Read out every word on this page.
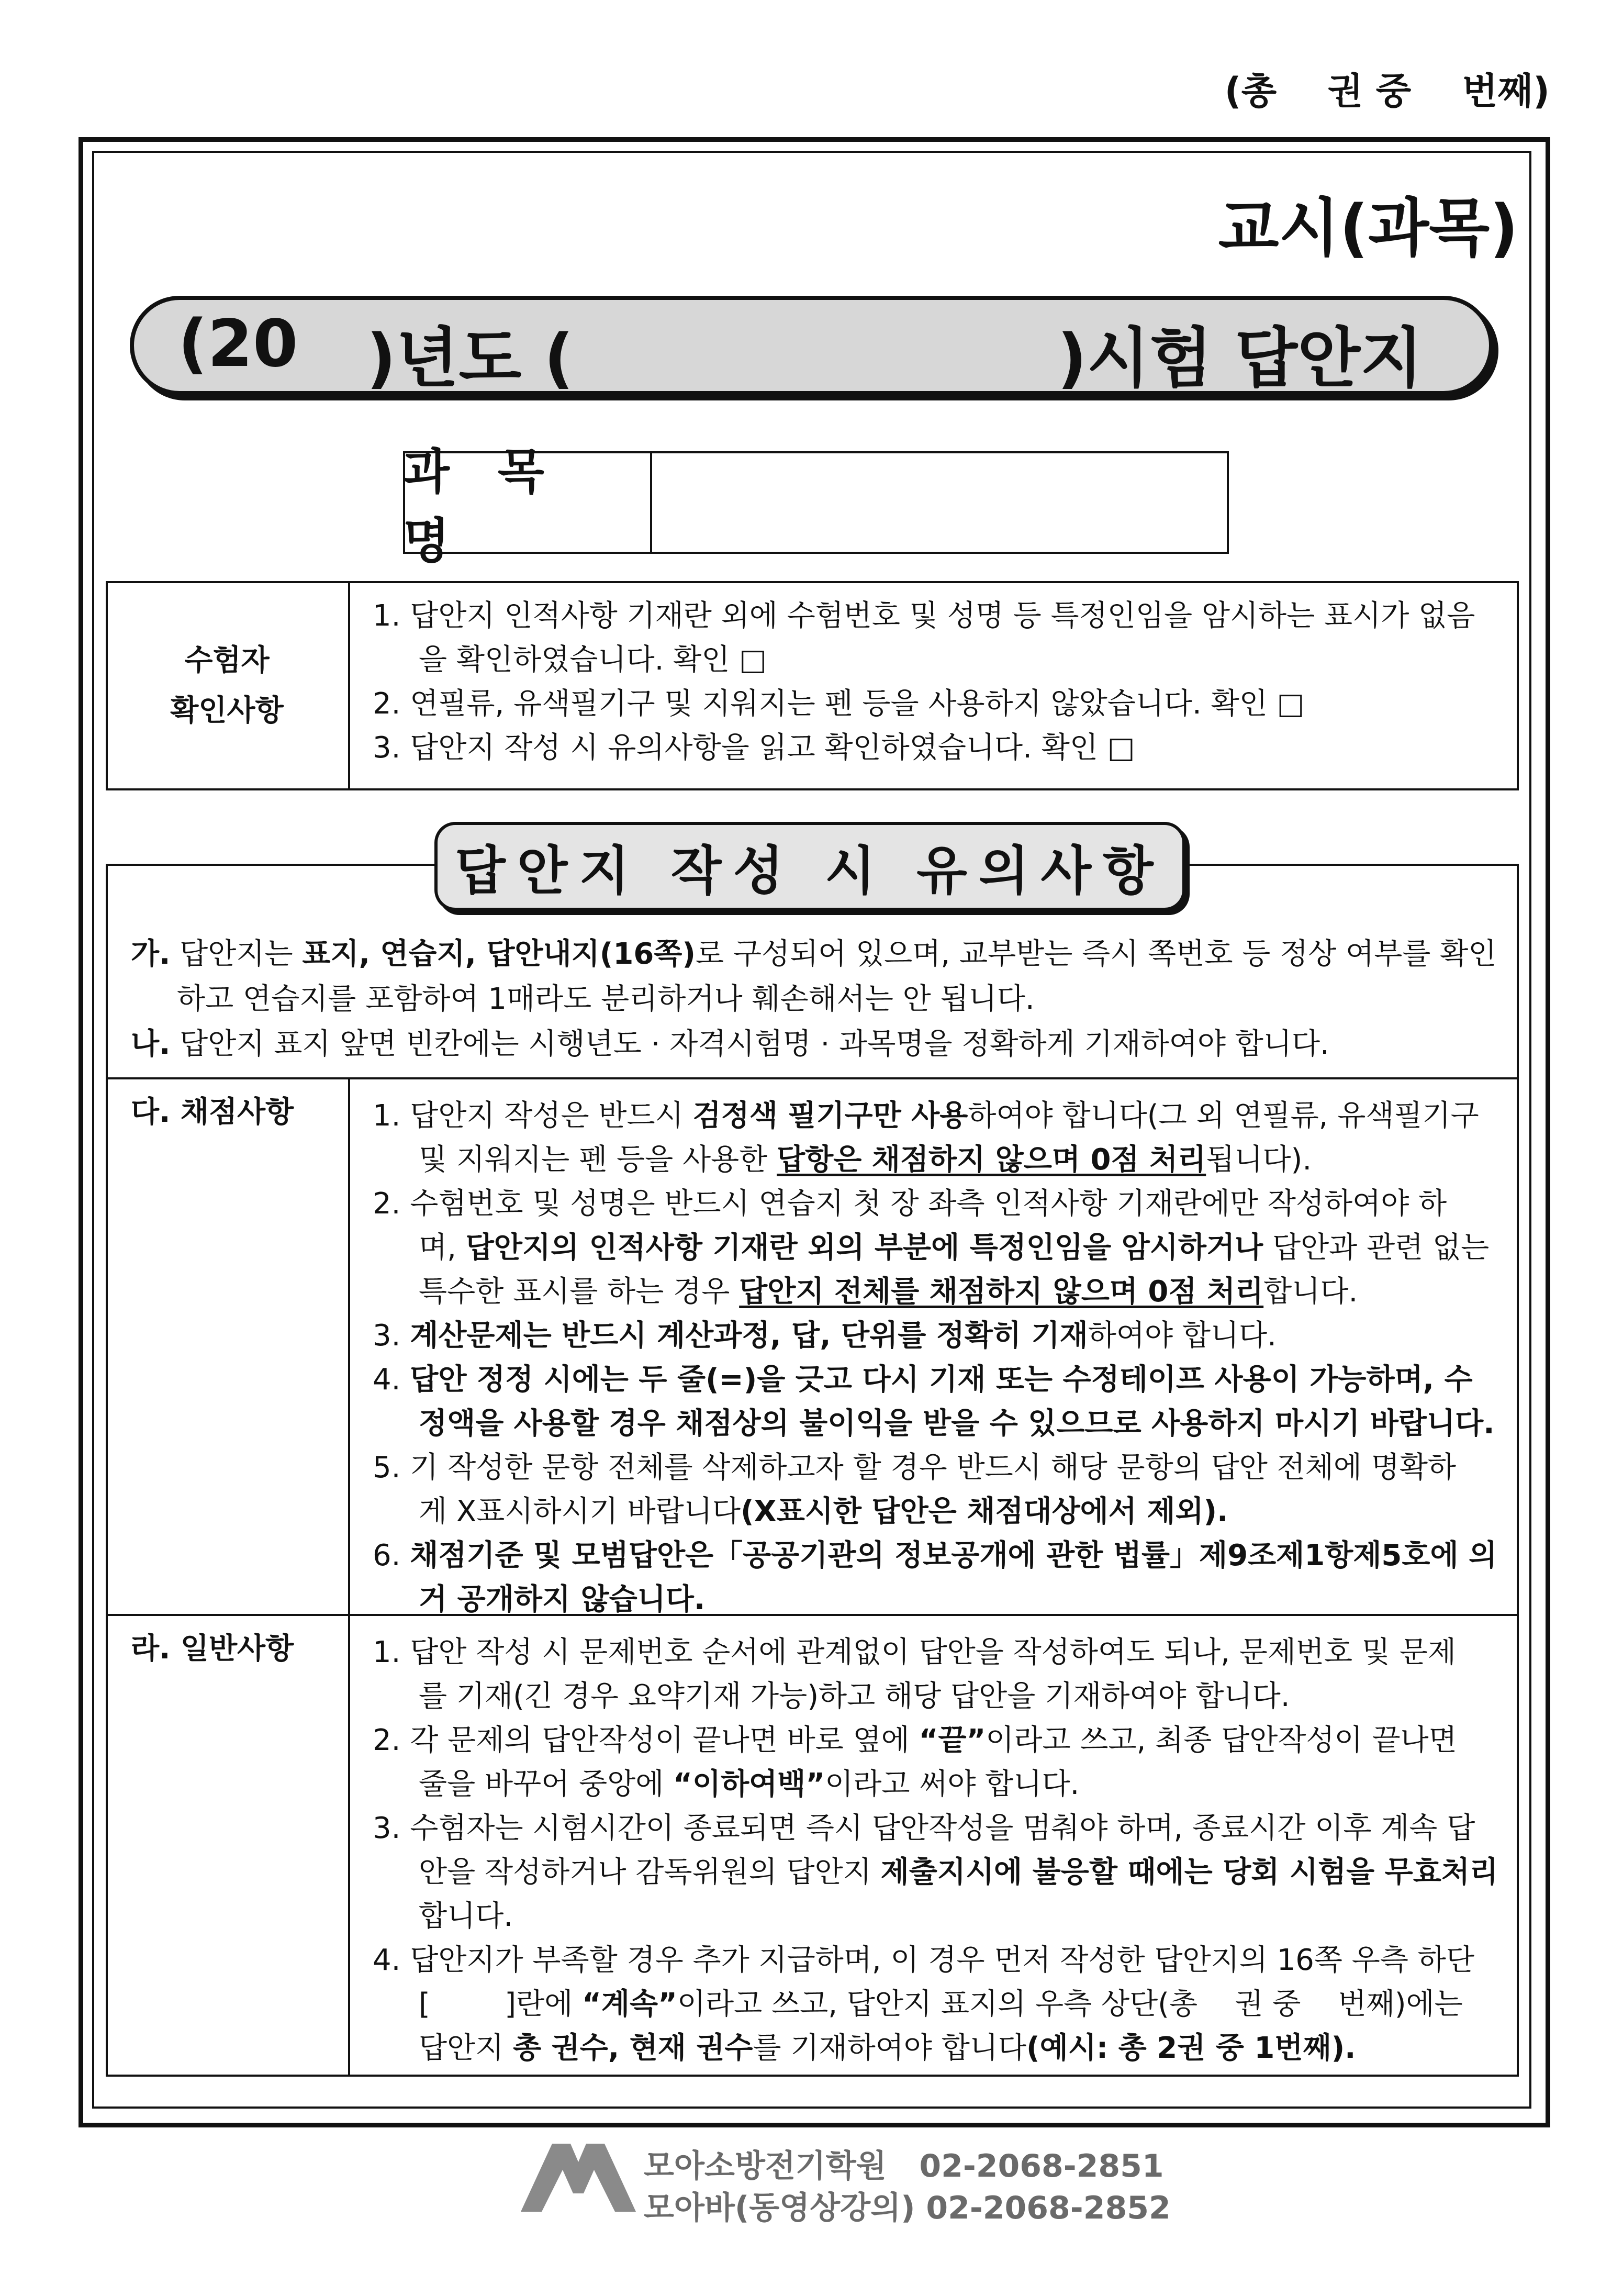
(총    권 중    번째)
교시(과목)
(20 )년도 (	)시험 답안지
과 목 명
수험자
확인사항
1. 답안지 인적사항 기재란 외에 수험번호 및 성명 등 특정인임을 암시하는 표시가 없음
을 확인하였습니다. 확인 □
2. 연필류, 유색필기구 및 지워지는 펜 등을 사용하지 않았습니다. 확인 □
3. 답안지 작성 시 유의사항을 읽고 확인하였습니다. 확인 □
답안지 작성 시 유의사항
가. 답안지는 표지, 연습지, 답안내지(16쪽)로 구성되어 있으며, 교부받는 즉시 쪽번호 등 정상 여부를 확인
하고 연습지를 포함하여 1매라도 분리하거나 훼손해서는 안 됩니다.
나. 답안지 표지 앞면 빈칸에는 시행년도 · 자격시험명 · 과목명을 정확하게 기재하여야 합니다.
다. 채점사항	1. 답안지 작성은 반드시 검정색 필기구만 사용하여야 합니다(그 외 연필류, 유색필기구
및 지워지는 펜 등을 사용한 답항은 채점하지 않으며 0점 처리됩니다).
2. 수험번호 및 성명은 반드시 연습지 첫 장 좌측 인적사항 기재란에만 작성하여야 하
며, 답안지의 인적사항 기재란 외의 부분에 특정인임을 암시하거나 답안과 관련 없는
특수한 표시를 하는 경우 답안지 전체를 채점하지 않으며 0점 처리합니다.
3. 계산문제는 반드시 계산과정, 답, 단위를 정확히 기재하여야 합니다.
4. 답안 정정 시에는 두 줄(=)을 긋고 다시 기재 또는 수정테이프 사용이 가능하며, 수
정액을 사용할 경우 채점상의 불이익을 받을 수 있으므로 사용하지 마시기 바랍니다.
5. 기 작성한 문항 전체를 삭제하고자 할 경우 반드시 해당 문항의 답안 전체에 명확하
게 X표시하시기 바랍니다(X표시한 답안은 채점대상에서 제외).
6. 채점기준 및 모범답안은「공공기관의 정보공개에 관한 법률」제9조제1항제5호에 의
거 공개하지 않습니다.
라. 일반사항	1. 답안 작성 시 문제번호 순서에 관계없이 답안을 작성하여도 되나, 문제번호 및 문제
를 기재(긴 경우 요약기재 가능)하고 해당 답안을 기재하여야 합니다.
2. 각 문제의 답안작성이 끝나면 바로 옆에 “끝”이라고 쓰고, 최종 답안작성이 끝나면
줄을 바꾸어 중앙에 “이하여백”이라고 써야 합니다.
3. 수험자는 시험시간이 종료되면 즉시 답안작성을 멈춰야 하며, 종료시간 이후 계속 답
안을 작성하거나 감독위원의 답안지 제출지시에 불응할 때에는 당회 시험을 무효처리
합니다.
4. 답안지가 부족할 경우 추가 지급하며, 이 경우 먼저 작성한 답안지의 16쪽 우측 하단
[        ]란에 “계속”이라고 쓰고, 답안지 표지의 우측 상단(총    권 중    번째)에는
답안지 총 권수, 현재 권수를 기재하여야 합니다(예시: 총 2권 중 1번째).
모아소방전기학원   02-2068-2851
모아바(동영상강의) 02-2068-2852
